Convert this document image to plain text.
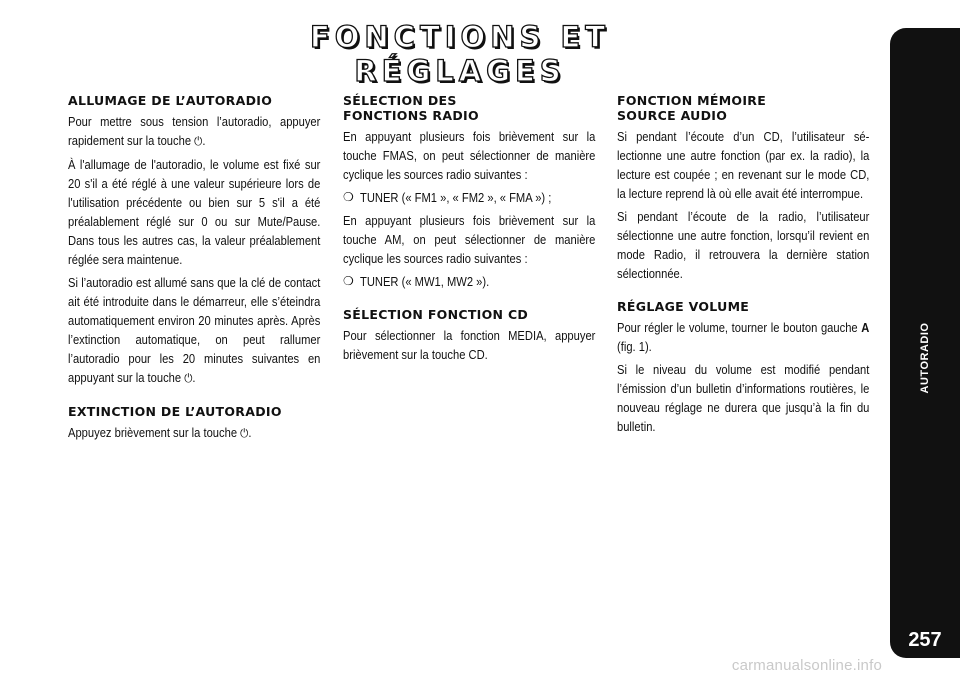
FONCTIONS ET RÉGLAGES
ALLUMAGE DE L’AUTORADIO

Pour mettre sous tension l’autoradio, appuyer rapidement sur la touche ⏻.

À l'allumage de l'autoradio, le volume est fixé sur 20 s'il a été réglé à une valeur supérieure lors de l'utilisation précédente ou bien sur 5 s'il a été préalablement réglé sur 0 ou sur Mute/Pause. Dans tous les autres cas, la valeur préalablement réglée sera maintenue.

Si l’autoradio est allumé sans que la clé de contact ait été introduite dans le démarreur, elle s’éteindra automatiquement environ 20 minutes après. Après l’extinction automatique, on peut rallumer l’autoradio pour les 20 minutes suivantes en appuyant sur la touche ⏻.

EXTINCTION DE L’AUTORADIO

Appuyez brièvement sur la touche ⏻.

SÉLECTION DES
FONCTIONS RADIO

En appuyant plusieurs fois brièvement sur la touche FMAS, on peut sélectionner de manière cyclique les sources radio suivantes :

❍ TUNER (« FM1 », « FM2 », « FMA ») ;

En appuyant plusieurs fois brièvement sur la touche AM, on peut sélectionner de manière cyclique les sources radio suivantes :

❍ TUNER (« MW1, MW2 »).
SÉLECTION FONCTION CD

Pour sélectionner la fonction MEDIA, appuyer brièvement sur la touche CD.

FONCTION MÉMOIRE
SOURCE AUDIO

Si pendant l’écoute d’un CD, l’utilisateur sélectionne une autre fonction (par ex. la radio), la lecture est coupée ; en revenant sur le mode CD, la lecture reprend là où elle avait été interrompue.

Si pendant l’écoute de la radio, l’utilisateur sélectionne une autre fonction, lorsqu’il revient en mode Radio, il retrouvera la dernière station sélectionnée.

RÉGLAGE VOLUME

Pour régler le volume, tourner le bouton gauche A (fig. 1).

Si le niveau du volume est modifié pendant l’émission d’un bulletin d’informations routières, le nouveau réglage ne durera que jusqu’à la fin du bulletin.

AUTORADIO
257
carmanualsonline.info
